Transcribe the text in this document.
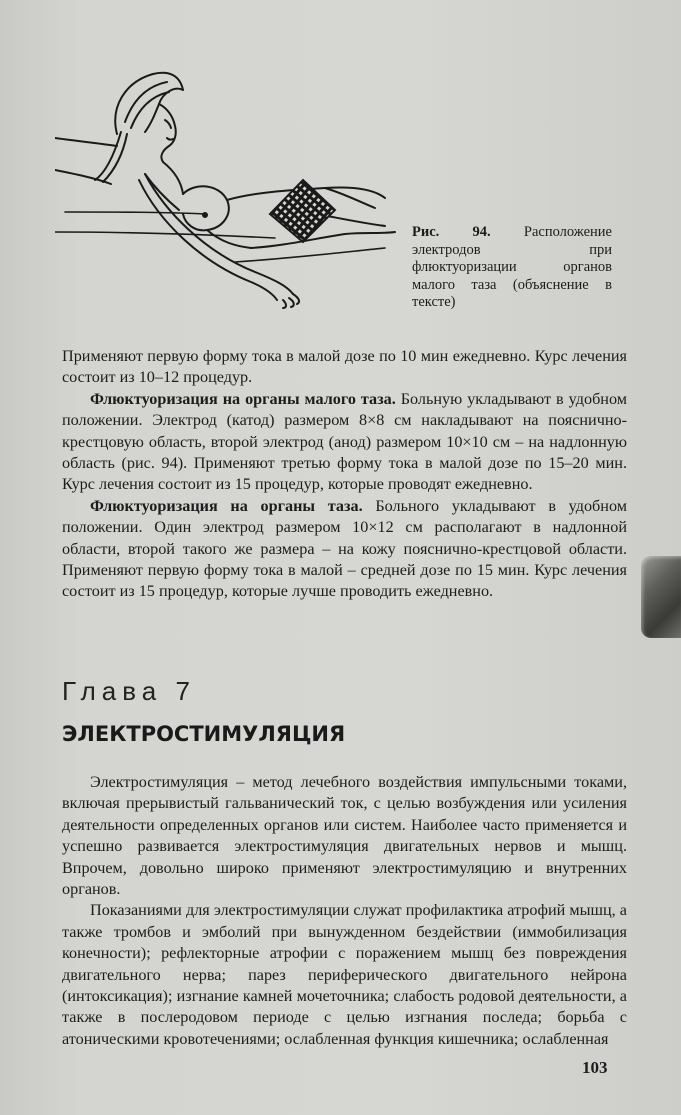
Рис. 94. Расположение электродов при флюктуоризации органов малого таза (объяснение в тексте)

Применяют первую форму тока в малой дозе по 10 мин ежедневно. Курс лечения состоит из 10–12 процедур.

Флюктуоризация на органы малого таза. Больную укладывают в удобном положении. Электрод (катод) размером 8×8 см накладывают на пояснично-крестцовую область, второй электрод (анод) размером 10×10 см – на надлонную область (рис. 94). Применяют третью форму тока в малой дозе по 15–20 мин. Курс лечения состоит из 15 процедур, которые проводят ежедневно.

Флюктуоризация на органы таза. Больного укладывают в удобном положении. Один электрод размером 10×12 см располагают в надлонной области, второй такого же размера – на кожу пояснично-крестцовой области. Применяют первую форму тока в малой – средней дозе по 15 мин. Курс лечения состоит из 15 процедур, которые лучше проводить ежедневно.

Глава 7
ЭЛЕКТРОСТИМУЛЯЦИЯ

Электростимуляция – метод лечебного воздействия импульсными токами, включая прерывистый гальванический ток, с целью возбуждения или усиления деятельности определенных органов или систем. Наиболее часто применяется и успешно развивается электростимуляция двигательных нервов и мышц. Впрочем, довольно широко применяют электростимуляцию и внутренних органов.

Показаниями для электростимуляции служат профилактика атрофий мышц, а также тромбов и эмболий при вынужденном бездействии (иммобилизация конечности); рефлекторные атрофии с поражением мышц без повреждения двигательного нерва; парез периферического двигательного нейрона (интоксикация); изгнание камней мочеточника; слабость родовой деятельности, а также в послеродовом периоде с целью изгнания последа; борьба с атоническими кровотечениями; ослабленная функция кишечника; ослабленная

103
